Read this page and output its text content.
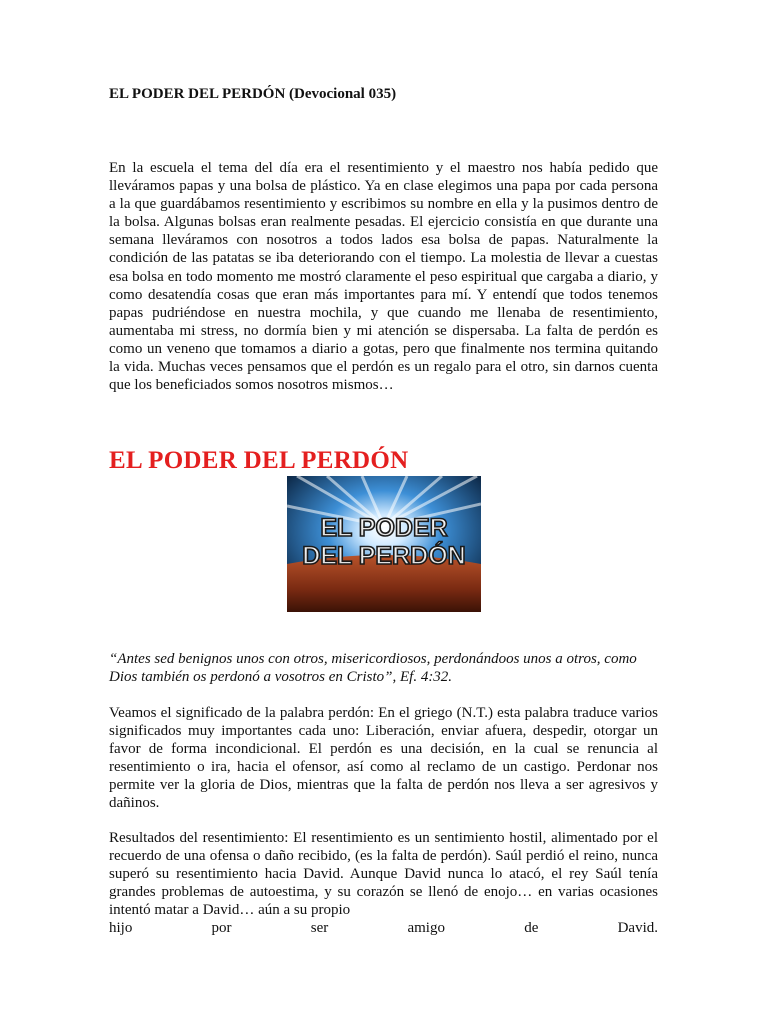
EL PODER DEL PERDÓN (Devocional 035)

En la escuela el tema del día era el resentimiento y el maestro nos había pedido que lleváramos papas y una bolsa de plástico. Ya en clase elegimos una papa por cada persona a la que guardábamos resentimiento y escribimos su nombre en ella y la pusimos dentro de la bolsa. Algunas bolsas eran realmente pesadas. El ejercicio consistía en que durante una semana lleváramos con nosotros a todos lados esa bolsa de papas. Naturalmente la condición de las patatas se iba deteriorando con el tiempo. La molestia de llevar a cuestas esa bolsa en todo momento me mostró claramente el peso espiritual que cargaba a diario, y como desatendía cosas que eran más importantes para mí. Y entendí que todos tenemos papas pudriéndose en nuestra mochila, y que cuando me llenaba de resentimiento, aumentaba mi stress, no dormía bien y mi atención se dispersaba. La falta de perdón es como un veneno que tomamos a diario a gotas, pero que finalmente nos termina quitando la vida. Muchas veces pensamos que el perdón es un regalo para el otro, sin darnos cuenta que los beneficiados somos nosotros mismos…

EL PODER DEL PERDÓN
EL PODER
DEL PERDÓN

“Antes sed benignos unos con otros, misericordiosos, perdonándoos unos a otros, como Dios también os perdonó a vosotros en Cristo”, Ef. 4:32.

Veamos el significado de la palabra perdón: En el griego (N.T.) esta palabra traduce varios significados muy importantes cada uno: Liberación, enviar afuera, despedir, otorgar un favor de forma incondicional. El perdón es una decisión, en la cual se renuncia al resentimiento o ira, hacia el ofensor, así como al reclamo de un castigo. Perdonar nos permite ver la gloria de Dios, mientras que la falta de perdón nos lleva a ser agresivos y dañinos.

Resultados del resentimiento: El resentimiento es un sentimiento hostil, alimentado por el recuerdo de una ofensa o daño recibido, (es la falta de perdón). Saúl perdió el reino, nunca superó su resentimiento hacia David. Aunque David nunca lo atacó, el rey Saúl tenía grandes problemas de autoestima, y su corazón se llenó de enojo… en varias ocasiones intentó matar a David… aún a su propio
hijo por ser amigo de David.
